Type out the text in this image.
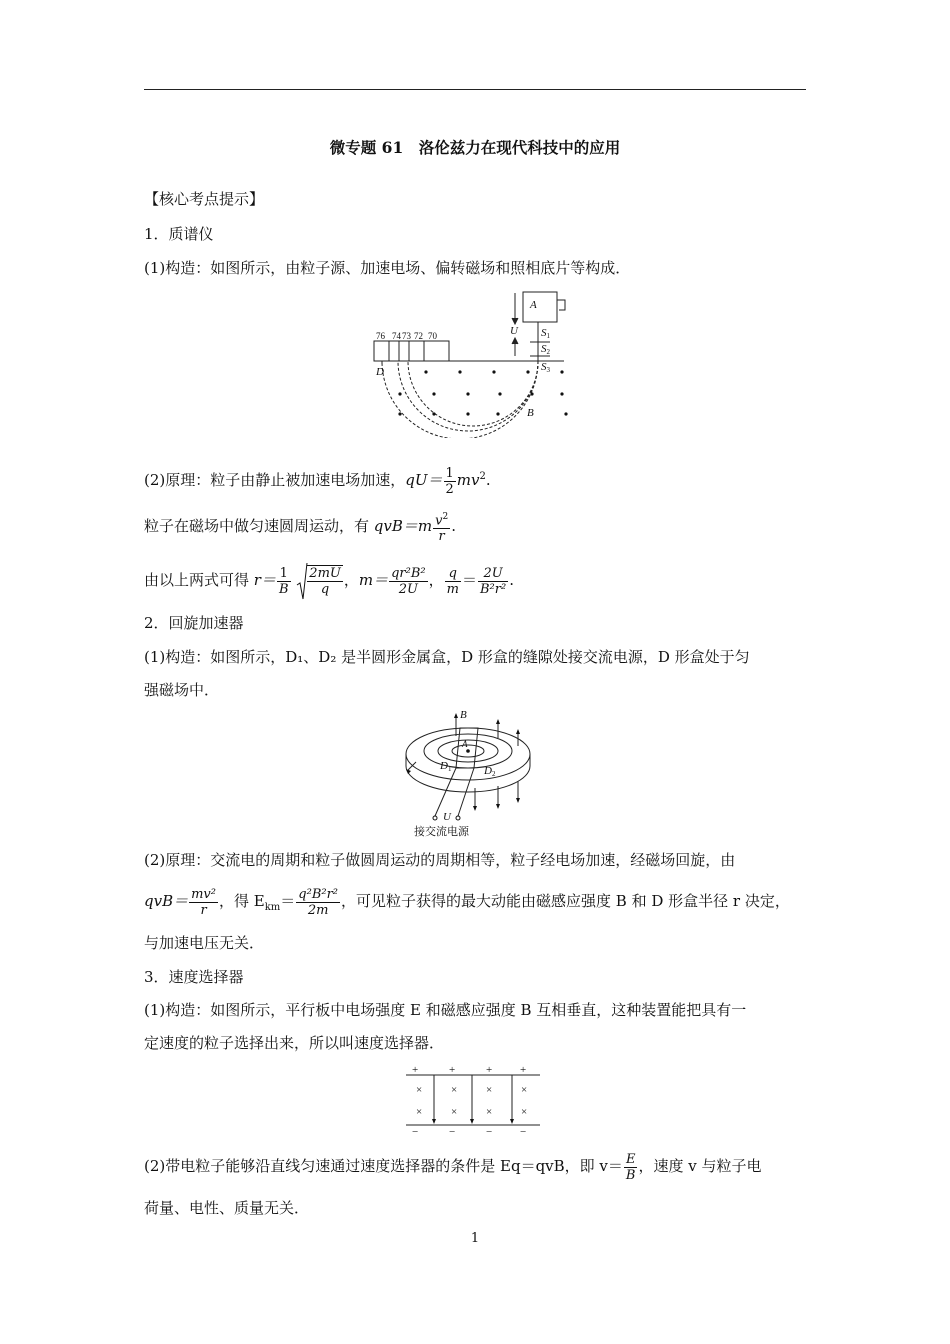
微专题 61　洛伦兹力在现代科技中的应用
【核心考点提示】
1．质谱仪
(1)构造：如图所示，由粒子源、加速电场、偏转磁场和照相底片等构成．
76 74 73 72 70
D
A
U S1
S2
S3
B
(2)原理：粒子由静止被加速电场加速，$qU= \frac{1}{2} mv^2$.
粒子在磁场中做匀速圆周运动，有 $qvB=m \frac{v^2}{r}$ .
由以上两式可得 $r= \frac{1}{B}$
$\frac{2mU}{q}$ ，$m= \frac{\text{qr²B²}}{2U}$ ， $\frac{q}{m} = \frac{2U}{\text{B²r²}}$ .
2．回旋加速器
(1)构造：如图所示，D₁、D₂ 是半圆形金属盒，D 形盒的缝隙处接交流电源，D 形盒处于匀
强磁场中．
B
A
D1	D2
U
接交流电源
(2)原理：交流电的周期和粒子做圆周运动的周期相等，粒子经电场加速，经磁场回旋，由
$qvB= \frac{\text{mv²}}{r}$ ，得 $E_{km}= \frac{\text{q²B²r²}}{2m}$ ，可见粒子获得的最大动能由磁感应强度 B 和 D 形盒半径 r 决定，
与加速电压无关．
3．速度选择器
(1)构造：如图所示，平行板中电场强度 E 和磁感应强度 B 互相垂直，这种装置能把具有一
定速度的粒子选择出来，所以叫速度选择器．
+	+	+	+
×	×	×	×
×	×	×	×
−	−	−	−
(2)带电粒子能够沿直线匀速通过速度选择器的条件是 Eq＝qvB，即 $v= \frac{E}{B}$ ，速度 v 与粒子电
荷量、电性、质量无关．
1
